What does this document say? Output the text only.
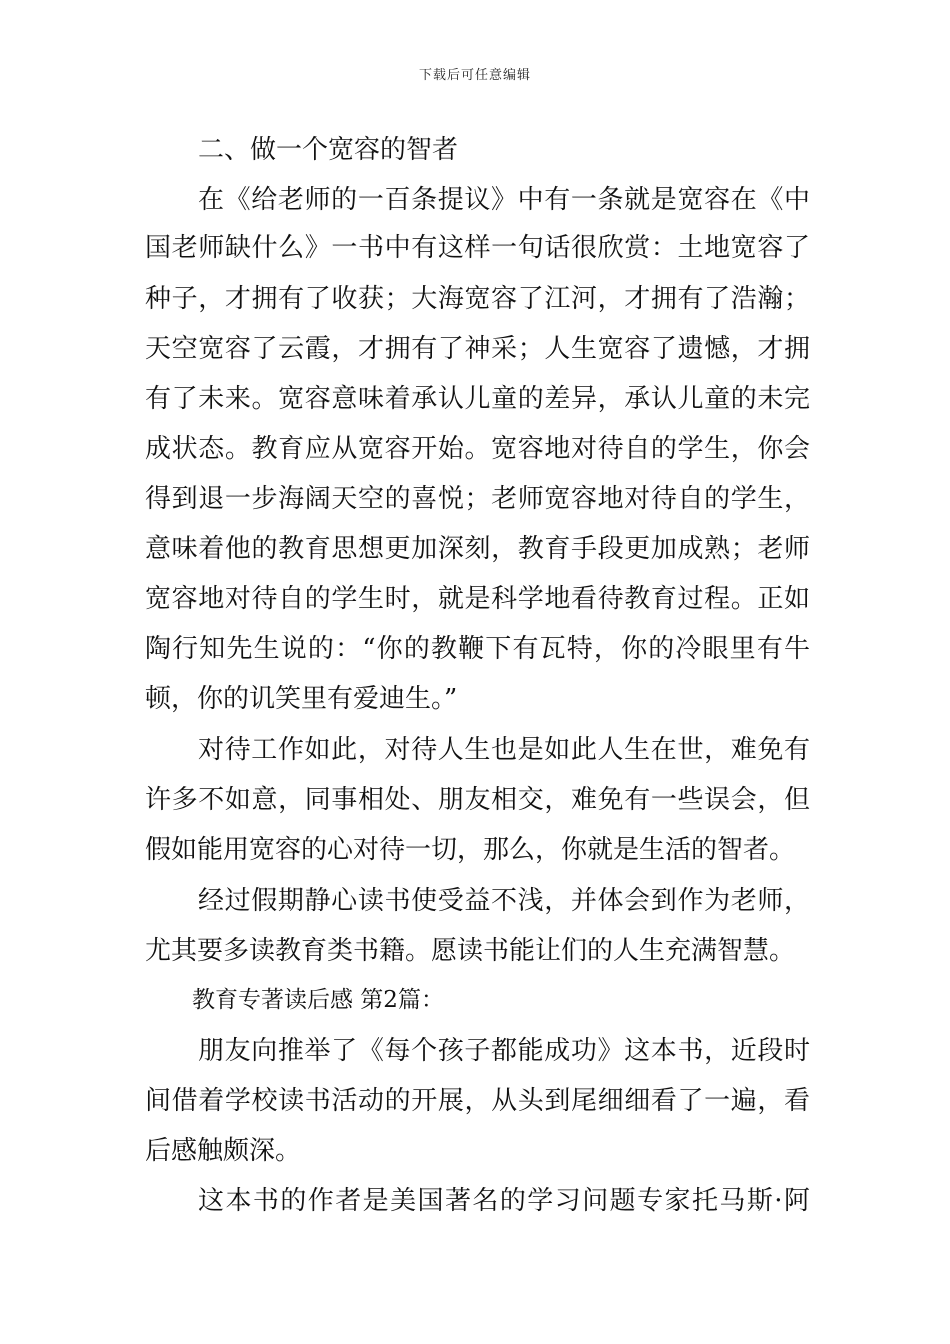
下载后可任意编辑
二、做一个宽容的智者
在《给老师的一百条提议》中有一条就是宽容在《中
国老师缺什么》一书中有这样一句话很欣赏：土地宽容了
种子，才拥有了收获；大海宽容了江河，才拥有了浩瀚；
天空宽容了云霞，才拥有了神采；人生宽容了遗憾，才拥
有了未来。宽容意味着承认儿童的差异，承认儿童的未完
成状态。教育应从宽容开始。宽容地对待自的学生，你会
得到退一步海阔天空的喜悦；老师宽容地对待自的学生，
意味着他的教育思想更加深刻，教育手段更加成熟；老师
宽容地对待自的学生时，就是科学地看待教育过程。正如
陶行知先生说的：“你的教鞭下有瓦特，你的冷眼里有牛
顿，你的讥笑里有爱迪生。”
对待工作如此，对待人生也是如此人生在世，难免有
许多不如意，同事相处、朋友相交，难免有一些误会，但
假如能用宽容的心对待一切，那么，你就是生活的智者。
经过假期静心读书使受益不浅，并体会到作为老师，
尤其要多读教育类书籍。愿读书能让们的人生充满智慧。
教育专著读后感 第2篇：
朋友向推举了《每个孩子都能成功》这本书，近段时
间借着学校读书活动的开展，从头到尾细细看了一遍，看
后感触颇深。
这本书的作者是美国著名的学习问题专家托马斯·阿
